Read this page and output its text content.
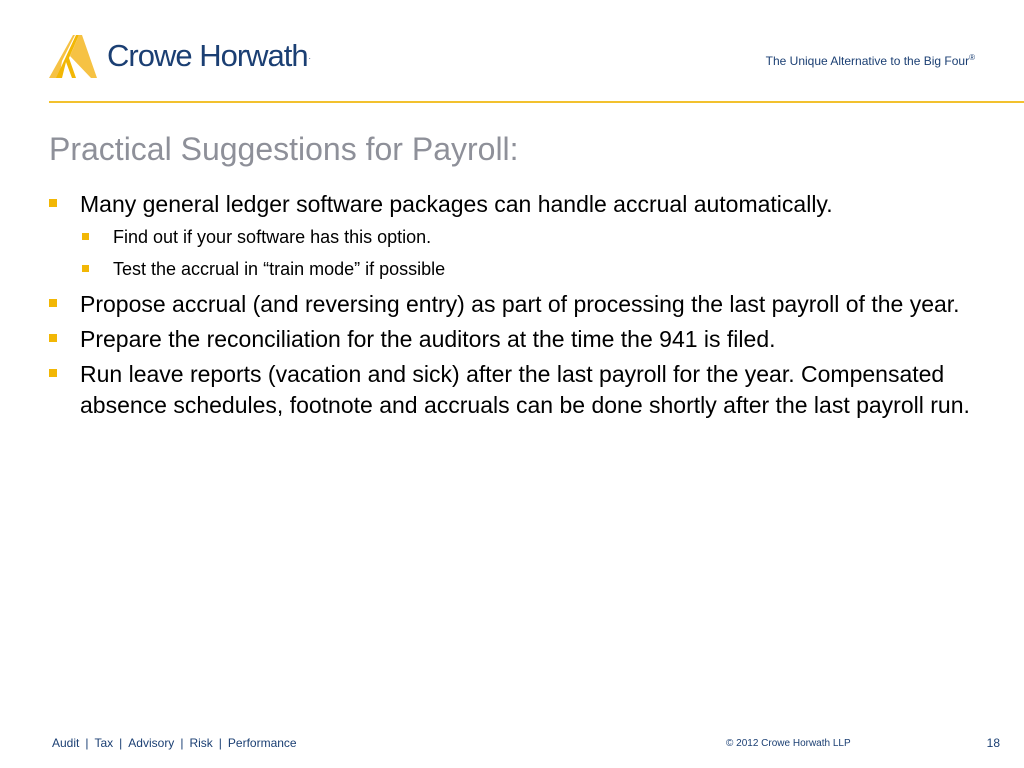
Crowe Horwath.	The Unique Alternative to the Big Four®
Practical Suggestions for Payroll:

Many general ledger software packages can handle accrual automatically.

Find out if your software has this option.

Test the accrual in “train mode” if possible

Propose accrual (and reversing entry) as part of processing the last payroll of the year.

Prepare the reconciliation for the auditors at the time the 941 is filed.

Run leave reports (vacation and sick) after the last payroll for the year. Compensated absence schedules, footnote and accruals can be done shortly after the last payroll run.

Audit | Tax | Advisory | Risk | Performance	© 2012 Crowe Horwath LLP	18
